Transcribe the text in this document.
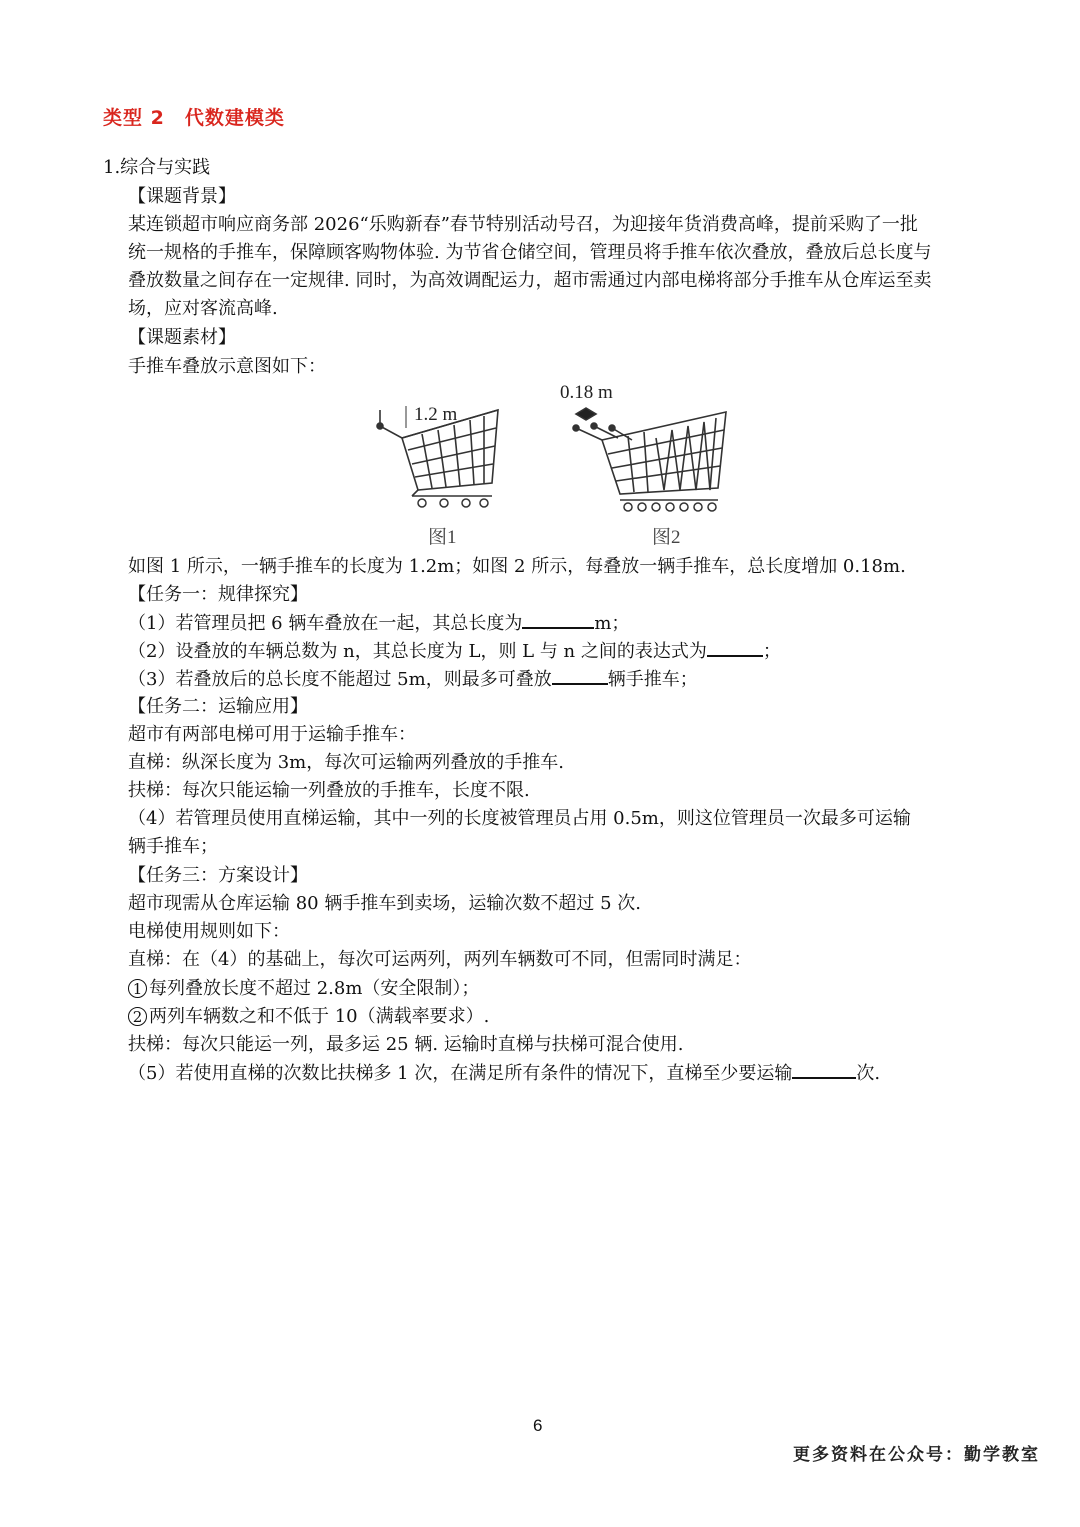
类型 2　代数建模类
1.综合与实践
【课题背景】
某连锁超市响应商务部 2026“乐购新春”春节特别活动号召，为迎接年货消费高峰，提前采购了一批
统一规格的手推车，保障顾客购物体验. 为节省仓储空间，管理员将手推车依次叠放，叠放后总长度与
叠放数量之间存在一定规律. 同时，为高效调配运力，超市需通过内部电梯将部分手推车从仓库运至卖
场，应对客流高峰.
【课题素材】
手推车叠放示意图如下：
1.2 m
图1
0.18 m
图2
如图 1 所示，一辆手推车的长度为 1.2m；如图 2 所示，每叠放一辆手推车，总长度增加 0.18m.
【任务一：规律探究】
（1）若管理员把 6 辆车叠放在一起，其总长度为	m；
（2）设叠放的车辆总数为 n，其总长度为 L，则 L 与 n 之间的表达式为	；
（3）若叠放后的总长度不能超过 5m，则最多可叠放	辆手推车；
【任务二：运输应用】
超市有两部电梯可用于运输手推车：
直梯：纵深长度为 3m，每次可运输两列叠放的手推车.
扶梯：每次只能运输一列叠放的手推车，长度不限.
（4）若管理员使用直梯运输，其中一列的长度被管理员占用 0.5m，则这位管理员一次最多可运输
辆手推车；
【任务三：方案设计】
超市现需从仓库运输 80 辆手推车到卖场，运输次数不超过 5 次.
电梯使用规则如下：
直梯：在（4）的基础上，每次可运两列，两列车辆数可不同，但需同时满足：
1 每列叠放长度不超过 2.8m（安全限制）；
2 两列车辆数之和不低于 10（满载率要求）.
扶梯：每次只能运一列，最多运 25 辆. 运输时直梯与扶梯可混合使用.
（5）若使用直梯的次数比扶梯多 1 次，在满足所有条件的情况下，直梯至少要运输	次.
6
更多资料在公众号：勤学教室
